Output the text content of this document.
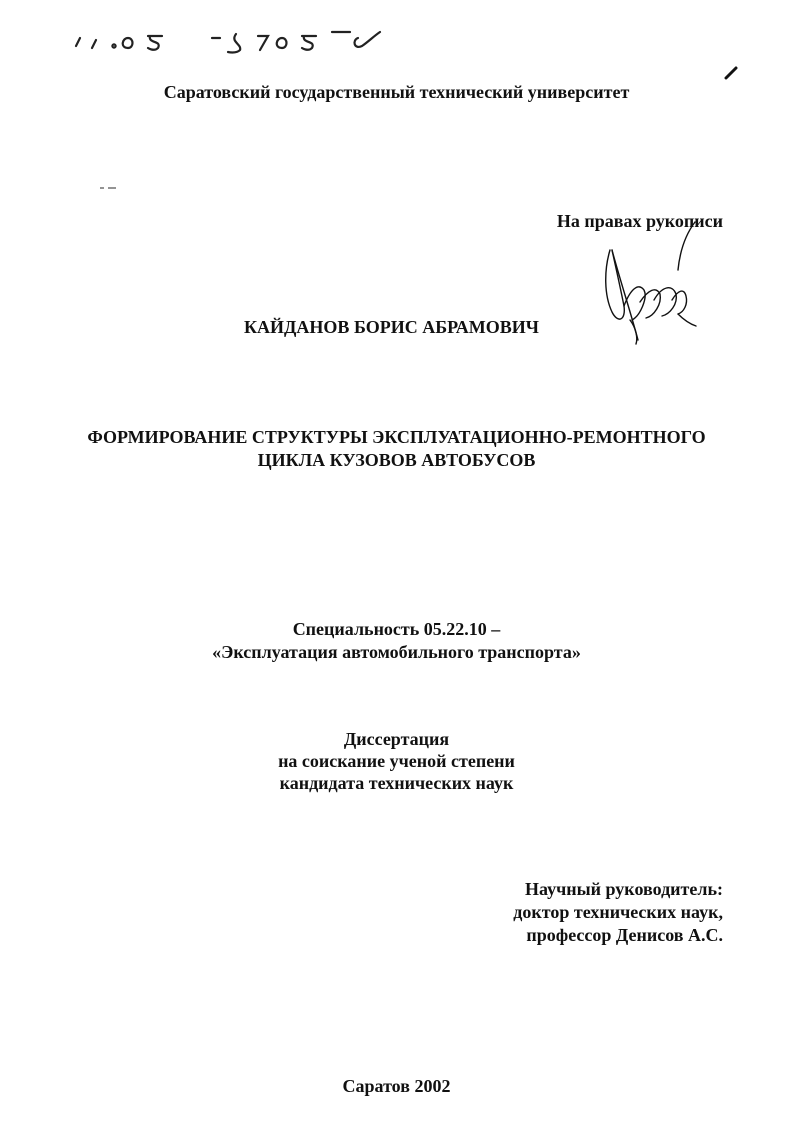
Саратовский государственный технический университет
На правах рукописи
КАЙДАНОВ БОРИС АБРАМОВИЧ
ФОРМИРОВАНИЕ СТРУКТУРЫ ЭКСПЛУАТАЦИОННО-РЕМОНТНОГО
ЦИКЛА КУЗОВОВ АВТОБУСОВ
Специальность 05.22.10 –
«Эксплуатация автомобильного транспорта»
Диссертация
на соискание ученой степени
кандидата технических наук
Научный руководитель:
доктор технических наук,
профессор Денисов А.С.
Саратов 2002
